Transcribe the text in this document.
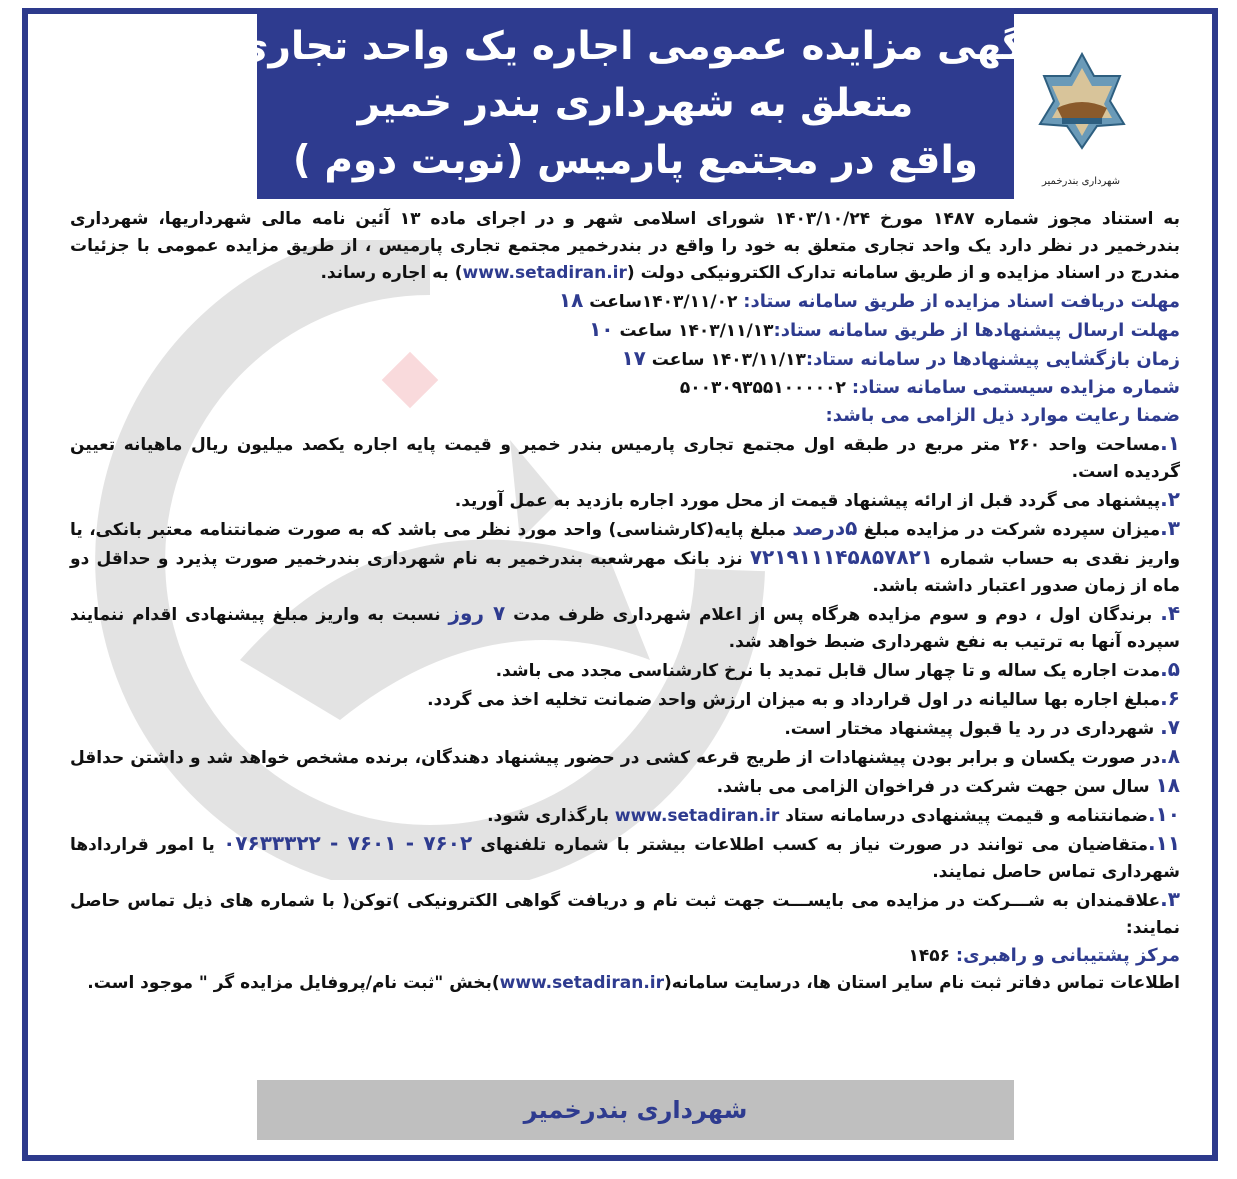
آگهی مزایده عمومی اجاره یک واحد تجاری
متعلق به شهرداری بندر خمیر
واقع در مجتمع پارمیس (نوبت دوم )	شهرداری بندرخمیر

به استناد مجوز شماره ۱۴۸۷ مورخ ۱۴۰۳/۱۰/۲۴ شورای اسلامی شهر و در اجرای ماده ۱۳ آئین نامه مالی شهرداریها، شهرداری بندرخمیر در نظر دارد یک واحد تجاری متعلق به خود را واقع در بندرخمیر مجتمع تجاری پارمیس ، از طریق مزایده عمومی با جزئیات مندرج در اسناد مزایده و از طریق سامانه تدارک الکترونیکی دولت (www.setadiran.ir) به اجاره رساند.

مهلت دریافت اسناد مزایده از طریق سامانه ستاد: ۱۴۰۳/۱۱/۰۲ساعت ۱۸

مهلت ارسال پیشنهادها از طریق سامانه ستاد:۱۴۰۳/۱۱/۱۳ ساعت ۱۰

زمان بازگشایی پیشنهادها در سامانه ستاد:۱۴۰۳/۱۱/۱۳ ساعت ۱۷

شماره مزایده سیستمی سامانه ستاد: ۵۰۰۳۰۹۳۵۵۱۰۰۰۰۰۲

ضمنا رعایت موارد ذیل الزامی می باشد:

۱.مساحت واحد ۲۶۰ متر مربع در طبقه اول مجتمع تجاری پارمیس بندر خمیر و قیمت پایه اجاره یکصد میلیون ریال ماهیانه تعیین گردیده است.

۲.پیشنهاد می گردد قبل از ارائه پیشنهاد قیمت از محل مورد اجاره بازدید به عمل آورید.

۳.میزان سپرده شرکت در مزایده مبلغ ۵درصد مبلغ پایه(کارشناسی) واحد مورد نظر می باشد که به صورت ضمانتنامه معتبر بانکی، یا واریز نقدی به حساب شماره ۷۲۱۹۱۱۱۴۵۸۵۷۸۲۱ نزد بانک مهرشعبه بندرخمیر به نام شهرداری بندرخمیر صورت پذیرد و حداقل دو ماه از زمان صدور اعتبار داشته باشد.

۴. برندگان اول ، دوم و سوم مزایده هرگاه پس از اعلام شهرداری ظرف مدت ۷ روز نسبت به واریز مبلغ پیشنهادی اقدام ننمایند سپرده آنها به ترتیب به نفع شهرداری ضبط خواهد شد.

۵.مدت اجاره یک ساله و تا چهار سال قابل تمدید با نرخ کارشناسی مجدد می باشد.

۶.مبلغ اجاره بها سالیانه در اول قرارداد و به میزان ارزش واحد ضمانت تخلیه اخذ می گردد.

۷. شهرداری در رد یا قبول پیشنهاد مختار است.

۸.در صورت یکسان و برابر بودن پیشنهادات از طریج قرعه کشی در حضور پیشنهاد دهندگان، برنده مشخص خواهد شد و داشتن حداقل ۱۸ سال سن جهت شرکت در فراخوان الزامی می باشد.

۱۰.ضمانتنامه و قیمت پیشنهادی درسامانه ستاد www.setadiran.ir بارگذاری شود.

۱۱.متقاضیان می توانند در صورت نیاز به کسب اطلاعات بیشتر با شماره تلفنهای ۷۶۰۲ - ۷۶۰۱ - ۰۷۶۳۳۳۲۲ یا امور قراردادها شهرداری تماس حاصل نمایند.

۳.علاقمندان به شـــرکت در مزایده می بایســـت جهت ثبت نام و دریافت گواهی الکترونیکی )توکن( با شماره های ذیل تماس حاصل نمایند:

مرکز پشتیبانی و راهبری: ۱۴۵۶

اطلاعات تماس دفاتر ثبت نام سایر استان ها، درسایت سامانه(www.setadiran.ir)بخش "ثبت نام/پروفایل مزایده گر " موجود است.

شهرداری بندرخمیر
